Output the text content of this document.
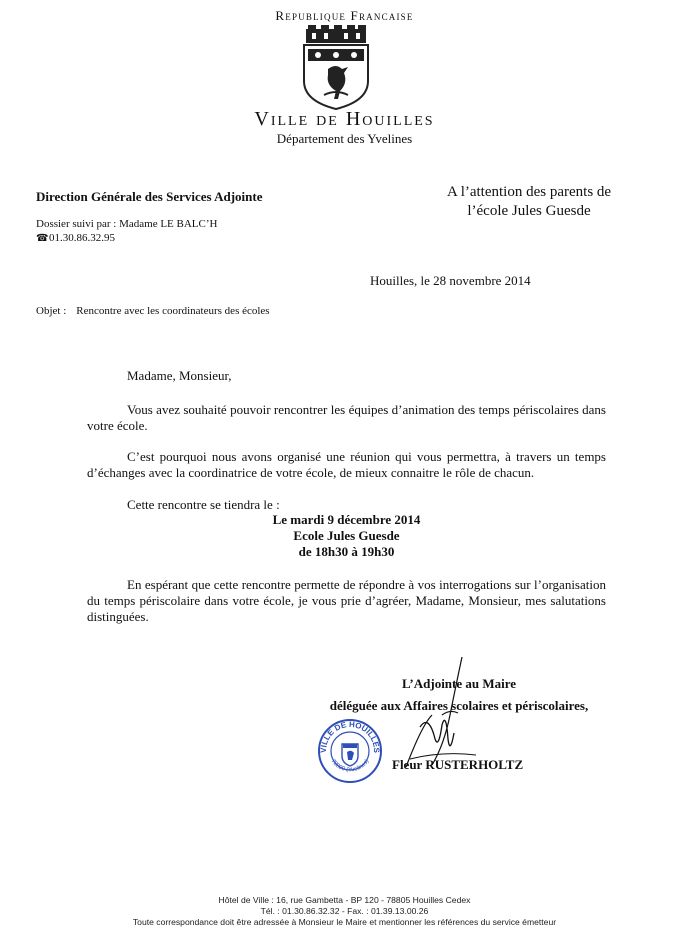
Republique Francaise
Ville de Houilles
Département des Yvelines
Direction Générale des Services Adjointe
Dossier suivi par : Madame LE BALC’H
☎01.30.86.32.95
A l’attention des parents de
l’école Jules Guesde
Houilles, le 28 novembre 2014
Objet : Rencontre avec les coordinateurs des écoles
Madame, Monsieur,
Vous avez souhaité pouvoir rencontrer les équipes d’animation des temps périscolaires dans votre école.
C’est pourquoi nous avons organisé une réunion qui vous permettra, à travers un temps d’échanges avec la coordinatrice de votre école, de mieux connaitre le rôle de chacun.
Cette rencontre se tiendra le :
Le mardi 9 décembre 2014
Ecole Jules Guesde
de 18h30 à 19h30
En espérant que cette rencontre permette de répondre à vos interrogations sur l’organisation du temps périscolaire dans votre école, je vous prie d’agréer, Madame, Monsieur, mes salutations distinguées.
L’Adjointe au Maire
déléguée aux Affaires scolaires et périscolaires,
VILLE DE HOUILLES
78800 (Yvelines) Fleur RUSTERHOLTZ
Hôtel de Ville : 16, rue Gambetta - BP 120 - 78805 Houilles Cedex
Tél. : 01.30.86.32.32 - Fax. : 01.39.13.00.26
Toute correspondance doit être adressée à Monsieur le Maire et mentionner les références du service émetteur
